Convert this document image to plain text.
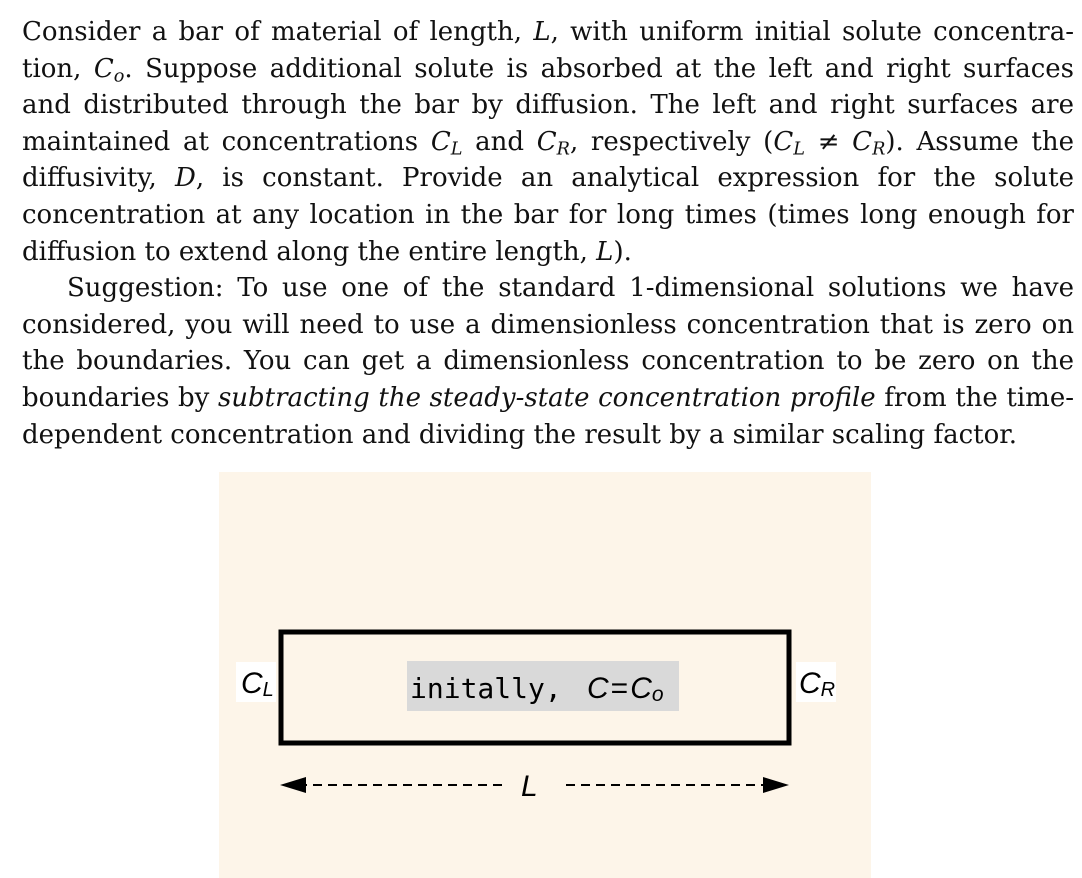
Consider a bar of material of length, L, with uniform initial solute concentra-tion, $C_o$. Suppose additional solute is absorbed at the left and right surfaces and distributed through the bar by diffusion. The left and right surfaces are maintained at concentrations $C_L$ and $C_R$, respectively $(C_L \ne C_R)$. Assume the diffusivity, D, is constant. Provide an analytical expression for the solute concentration at any location in the bar for long times (times long enough for diffusion to extend along the entire length, L).

Suggestion: To use one of the standard 1-dimensional solutions we have considered, you will need to use a dimensionless concentration that is zero on the boundaries. You can get a dimensionless concentration to be zero on the boundaries by subtracting the steady-state concentration profile from the time-dependent concentration and dividing the result by a similar scaling factor.

CL	initally, C=Co	CR
L
